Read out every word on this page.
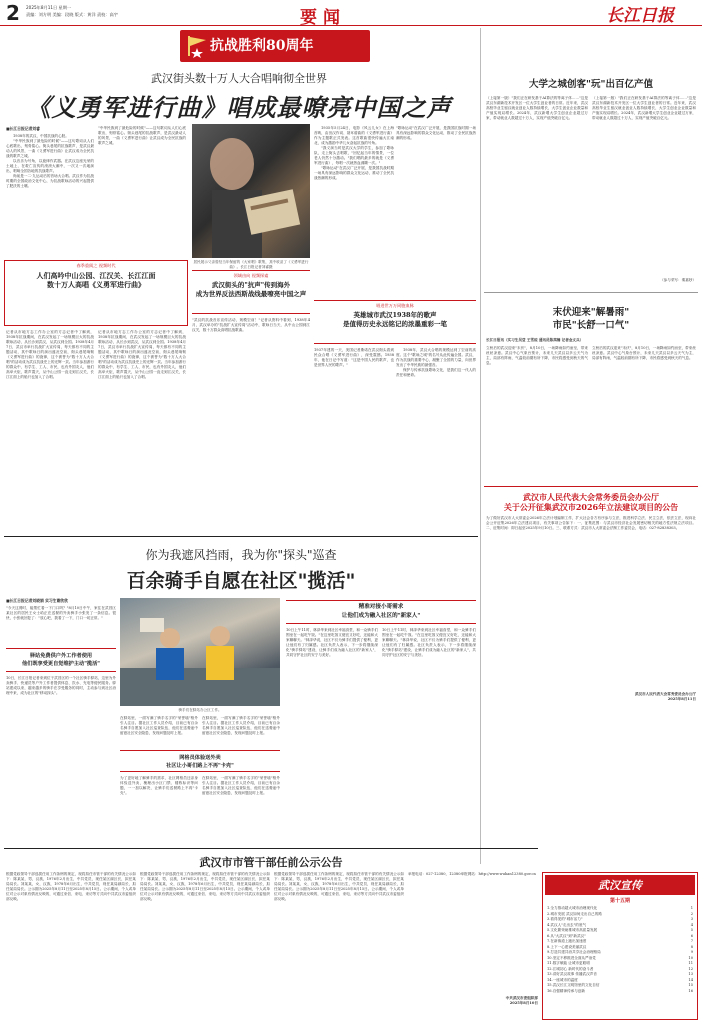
2 2025年8月11日 星期一
责编：刘方明 美编：段晓 版式：黄洋 责校：高宇	要闻	长江日报
抗战胜利80周年
武汉街头数十万人大合唱响彻全世界
《义勇军进行曲》唱成最嘹亮中国之声
■长江日报记者刘睿

1938年的武汉，中国抗战的心脏。

"中华民族到了最危险的时候"——这句歌词从人们心底歌出，刻骨铭心。街头巷尾的抗战歌声，是武汉最动人的风景，一曲《义勇军进行曲》让武汉成为全民抗战的歌声之城。

以音乐为号角，以旋律作武器。在武汉这座光荣的土地上，在救亡宣传的滚滚大潮中，一次又一次地演出，唱响全国各地的抗战歌声。

尚前是一二·九运动后的首场大合唱。武汉作为抗战时期的全国政治文化中心，为抗战歌咏活动的兴起提供了肥沃的土壤。

春季重阅之 视频时代
人们高吟中山公园、江汉关、长江江面
数十万人高唱《义勇军进行曲》
记者从市地方志工作办公室的方志记者中了解到，1938年抗战期间，在武汉发起了一场规模巨大的抗战歌咏活动，从长沙到武汉，从武汉到全国。1938年4月7日，武汉市举行抗战扩大宣传周，每天都有不同的主题活动，其中歌咏日的演出盛况空前，街头巷尾响彻《义勇军进行曲》的旋律，这个被誉为"数十万人大合唱"的活动成为武汉抗战史上的光辉一页。当年参加游行的群众中，有学生、工人、市民，也有外国友人，他们高举火炬，歌声震天，从中山公园一直走到江汉关，长江江面上的船只也加入了合唱。
记者从市地方志工作办公室的方志记者中了解到，1938年抗战期间，在武汉发起了一场规模巨大的抗战歌咏活动，从长沙到武汉，从武汉到全国。1938年4月7日，武汉市举行抗战扩大宣传周，每天都有不同的主题活动，其中歌咏日的演出盛况空前，街头巷尾响彻《义勇军进行曲》的旋律，这个被誉为"数十万人大合唱"的活动成为武汉抗战史上的光辉一页。当年参加游行的群众中，有学生、工人、市民，也有外国友人，他们高举火炬，歌声震天，从中山公园一直走到江汉关，长江江面上的船只也加入了合唱。
"中华民族到了最危险的时候"——这句歌词从人们心底歌出，刻骨铭心。街头巷尾的抗战歌声，是武汉最动人的风景，一曲《义勇军进行曲》让武汉成为全民抗战的歌声之城。
居民展示父亲曾经当年保留的《大家唱》歌集，其中收录了《义勇军进行曲》。长江日报记者刘睿摄

1935年5月24日，电影《风云儿女》在上海首映，由田汉作词、聂耳谱曲的《义勇军进行曲》作为主题歌正式发表。这首歌曲很快传遍大江南北，成为激励中华儿女奋起抗战的号角。

"我义演当时是武汉大学的学生，参加了歌咏队，走上街头去唱歌，"回忆起当年的情景，一位老人仍然十分激动。"我们唱的最多的就是《义勇军进行曲》，每唱一次就热血沸腾一次。"

"歌咏运动"在武汉广泛开展，是我国抗战时期一场具有深远影响的群众文化运动，推动了全民抗战热潮的形成。

"歌咏运动"在武汉广泛开展，是我国抗战时期一场具有深远影响的群众文化运动，推动了全民抗战热潮的形成。
领域由向 视频探索
武汉街头的"抗声"传到海外
成为世界反法西斯战线最嘹亮中国之声
"武汉的抗战音乐宣传活动，规模空前！"记者从资料中看到，1938年4月，武汉举办的"抗战扩大宣传周"活动中，歌咏日当天，从中山公园到江汉关，数十万群众高唱抗战歌曲。
唱进世万万同胞血脉
英雄城市武汉1938年的歌声
是值得历史永远铭记的浓墨重彩一笔
1937年建的一天，美国记者斯诺在武汉街头看到民众合唱《义勇军进行曲》，深受震撼。1938年，他在日记中写道："这是中国人民的歌声，也是世界人民的歌声。"

1938年，武汉大合唱的规模达到了空前的高度。这个"歌咏之城"的名号从此传遍全国。武汉，作为抗战的重要中心，凝聚了全国的力量，向世界发出了中华民族的最强音。

保护与传承抗战歌咏文化，是我们这一代人的责任和使命。

大学之城创客"玩"出百亿产值
（上接第一版）"我们正在研发基于AI算法的等离子体……"这是武汉东湖新技术开发区一位大学生创业者的日常。近年来，武汉高校毕业生留汉就业创业人数持续增长，大学生创业企业数量和产值实现双增长。2024年，武汉新增大学生创业企业超过万家，带动就业人数超过十万人，实现产值突破百亿元。
（上接第一版）"我们正在研发基于AI算法的等离子体……"这是武汉东湖新技术开发区一位大学生创业者的日常。近年来，武汉高校毕业生留汉就业创业人数持续增长，大学生创业企业数量和产值实现双增长。2024年，武汉新增大学生创业企业超过万家，带动就业人数超过十万人，实现产值突破百亿元。
（参与采写：秦嘉妙）
末伏迎来"解暑雨"
市民"长舒一口气"
长江日报讯（实习生吴莹 王雪琼 通讯员陈茜楠 记者金文兵）
立秋后的武汉迎来"末伏"，8月10日，一场降雨如约而至，带来丝丝凉意。武汉中心气象台预计，未来几天武汉以多云天气为主，局部有阵雨，气温较前期有所下降，市民将感受到秋天的气息。
立秋后的武汉迎来"末伏"，8月10日，一场降雨如约而至，带来丝丝凉意。武汉中心气象台预计，未来几天武汉以多云天气为主，局部有阵雨，气温较前期有所下降，市民将感受到秋天的气息。
武汉市人民代表大会常务委员会办公厅
关于公开征集武汉市2026年立法建议项目的公告
为了做好武汉市人大常委会2026年立法计划编制工作，扩大社会各方有序参与立法，推进科学立法、民主立法，依法立法，现向社会公开征集2026年立法建议项目，有关事项公告如下：一、征集范围：与武汉市经济社会发展密切相关的地方性法规立法项目。二、征集时间：即日起至2025年9月10日。三、联系方式：武汉市人大常委会法制工作委员会，电话：027-82838303。
武汉市人民代表大会常务委员会办公厅
2025年8月11日
你为我遮风挡雨，我为你"探头"巡查
百余骑手自愿在社区"揽活"
■长江日报记者刘晓娟 实习生谢欣欣
"今天这餐时，能帮忙看一下门口吗？"8月10日中午，家住在武昌区某社区的居民王女士给正在送餐的外卖骑手小张发了一条信息。很快，小张就回复了："放心吧，我看了一下，门口一切正常。"
驿站免费供户外工作者使用
他们既享受更自觉维护主动"揽活"
10日，长江日报记者来到位于武昌区的一个社区骑手驿站，这里为外卖骑手、快递员等户外工作者提供休息、饮水、充电等便民服务。驿站建成以来，越来越多的骑手在享受服务的同时，主动参与到社区治理中来，成为社区的"移动探头"。
骑手们在驿站办公区工作。
在驿站里，一面写满了骑手名字的"荣誉墙"格外引人注目。据社区工作人员介绍，目前已有百余名骑手自愿加入社区巡查队伍，他们在送餐途中留意社区安全隐患，发现问题及时上报。
在驿站里，一面写满了骑手名字的"荣誉墙"格外引人注目。据社区工作人员介绍，目前已有百余名骑手自愿加入社区巡查队伍，他们在送餐途中留意社区安全隐患，发现问题及时上报。
网格员体验送外卖
社区让小哥们路上不再"卡壳"
为了更好地了解骑手的需求，社区网格员还亲身体验送外卖，梳理出小区门禁、楼栋标识等问题，一一加以解决，让骑手们送餐路上不再"卡壳"。
在驿站里，一面写满了骑手名字的"荣誉墙"格外引人注目。据社区工作人员介绍，目前已有百余名骑手自愿加入社区巡查队伍，他们在送餐途中留意社区安全隐患，发现问题及时上报。
精准对接小哥需求
让他们成为融入社区的"新家人"
10日上午11时，林泽华来到社区幸福食堂，和一众骑手们围坐在一起吃午饭。"在这里吃饭又便宜又好吃，还能和大家聊聊天。"林泽华说，社区不仅为骑手们提供了便利，更让他们有了归属感。社区负责人表示，下一步将继续深化"骑手驿站"建设，让骑手们成为融入社区的"新家人"，共同守护社区的安宁与美好。
10日上午11时，林泽华来到社区幸福食堂，和一众骑手们围坐在一起吃午饭。"在这里吃饭又便宜又好吃，还能和大家聊聊天。"林泽华说，社区不仅为骑手们提供了便利，更让他们有了归属感。社区负责人表示，下一步将继续深化"骑手驿站"建设，让骑手们成为融入社区的"新家人"，共同守护社区的安宁与美好。
武汉市市管干部任前公示公告
根据党政领导干部选拔任用工作条例的规定，现将拟任市管干部的有关情况公示如下：陈某某，男，汉族，1976年2月出生，中共党员，现任某区副区长，拟任某局局长。刘某某，女，汉族，1978年6月出生，中共党员，现任某局副局长，拟任某局局长。公示期为2025年8月11日至2025年8月15日。公示期间，个人或单位对公示对象有情况反映的，可通过来信、来电、来访等方式向中共武汉市委组织部反映。
根据党政领导干部选拔任用工作条例的规定，现将拟任市管干部的有关情况公示如下：陈某某，男，汉族，1976年2月出生，中共党员，现任某区副区长，拟任某局局长。刘某某，女，汉族，1978年6月出生，中共党员，现任某局副局长，拟任某局局长。公示期为2025年8月11日至2025年8月15日。公示期间，个人或单位对公示对象有情况反映的，可通过来信、来电、来访等方式向中共武汉市委组织部反映。
根据党政领导干部选拔任用工作条例的规定，现将拟任市管干部的有关情况公示如下：陈某某，男，汉族，1976年2月出生，中共党员，现任某区副区长，拟任某局局长。刘某某，女，汉族，1978年6月出生，中共党员，现任某局副局长，拟任某局局长。公示期为2025年8月11日至2025年8月15日。公示期间，个人或单位对公示对象有情况反映的，可通过来信、来电、来访等方式向中共武汉市委组织部反映。
举报电话：027-12380，12380举报网站：http://www.wuhan12380.gov.cn
中共武汉市委组织部
2025年8月10日
武汉宣传
第十五期
1.全力推动超大城市治理现代化	1
2.城市发展 武汉如何走出自己的路	2
3.看得见的"城市活力"	3
4.武汉人"走出去"的底气	4
5.文化繁荣助推城市高质量发展	5
6.从"大武汉"到"新武汉"	6
7.在新赛道上跑出加速度	7
8.上下一心建设美丽武汉	8
9.打造共建共治共享社会治理格局	9
10.坚定不移推进全面从严治党	10
11.数字赋能 让城市更聪明	11
12.江城初心 新时代的奋斗者	12
13.讲好武汉故事 传播武汉声音	13
14.一座城市的温度	14
15.武汉长江文明馆里的文化自信	15
16.自强精神传承与创新	16
